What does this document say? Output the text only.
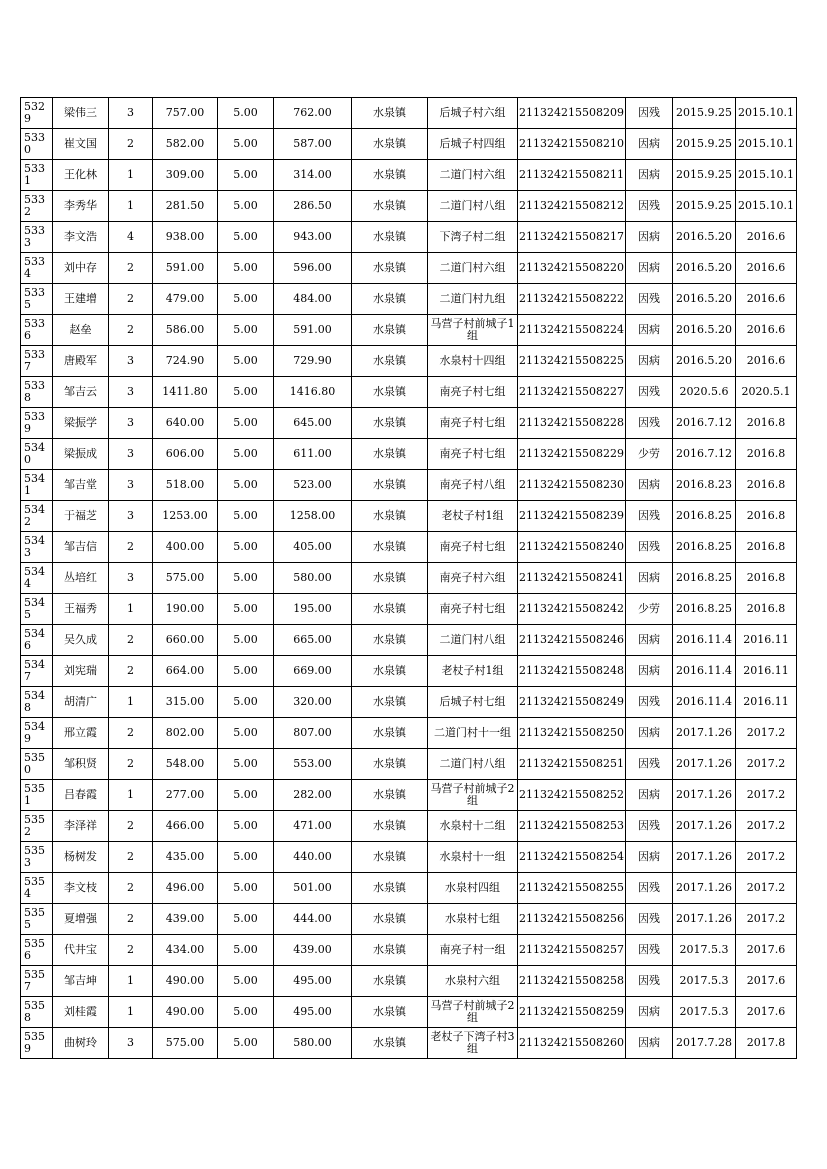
5329	梁伟三	3	757.00	5.00	762.00	水泉镇	后城子村六组	211324215508209	因残	2015.9.25	2015.10.1
5330	崔文国	2	582.00	5.00	587.00	水泉镇	后城子村四组	211324215508210	因病	2015.9.25	2015.10.1
5331	王化林	1	309.00	5.00	314.00	水泉镇	二道门村六组	211324215508211	因病	2015.9.25	2015.10.1
5332	李秀华	1	281.50	5.00	286.50	水泉镇	二道门村八组	211324215508212	因残	2015.9.25	2015.10.1
5333	李文浩	4	938.00	5.00	943.00	水泉镇	下湾子村二组	211324215508217	因病	2016.5.20	2016.6
5334	刘中存	2	591.00	5.00	596.00	水泉镇	二道门村六组	211324215508220	因病	2016.5.20	2016.6
5335	王建增	2	479.00	5.00	484.00	水泉镇	二道门村九组	211324215508222	因残	2016.5.20	2016.6
5336	赵垒	2	586.00	5.00	591.00	水泉镇	马营子村前城子1组	211324215508224	因病	2016.5.20	2016.6
5337	唐殿军	3	724.90	5.00	729.90	水泉镇	水泉村十四组	211324215508225	因病	2016.5.20	2016.6
5338	邹吉云	3	1411.80	5.00	1416.80	水泉镇	南亮子村七组	211324215508227	因残	2020.5.6	2020.5.1
5339	梁振学	3	640.00	5.00	645.00	水泉镇	南亮子村七组	211324215508228	因残	2016.7.12	2016.8
5340	梁振成	3	606.00	5.00	611.00	水泉镇	南亮子村七组	211324215508229	少劳	2016.7.12	2016.8
5341	邹吉堂	3	518.00	5.00	523.00	水泉镇	南亮子村八组	211324215508230	因病	2016.8.23	2016.8
5342	于福芝	3	1253.00	5.00	1258.00	水泉镇	老杖子村1组	211324215508239	因残	2016.8.25	2016.8
5343	邹吉信	2	400.00	5.00	405.00	水泉镇	南亮子村七组	211324215508240	因残	2016.8.25	2016.8
5344	丛培红	3	575.00	5.00	580.00	水泉镇	南亮子村六组	211324215508241	因病	2016.8.25	2016.8
5345	王福秀	1	190.00	5.00	195.00	水泉镇	南亮子村七组	211324215508242	少劳	2016.8.25	2016.8
5346	吴久成	2	660.00	5.00	665.00	水泉镇	二道门村八组	211324215508246	因病	2016.11.4	2016.11
5347	刘宪瑞	2	664.00	5.00	669.00	水泉镇	老杖子村1组	211324215508248	因病	2016.11.4	2016.11
5348	胡清广	1	315.00	5.00	320.00	水泉镇	后城子村七组	211324215508249	因残	2016.11.4	2016.11
5349	邢立霞	2	802.00	5.00	807.00	水泉镇	二道门村十一组	211324215508250	因病	2017.1.26	2017.2
5350	邹积贤	2	548.00	5.00	553.00	水泉镇	二道门村八组	211324215508251	因残	2017.1.26	2017.2
5351	吕春霞	1	277.00	5.00	282.00	水泉镇	马营子村前城子2组	211324215508252	因病	2017.1.26	2017.2
5352	李泽祥	2	466.00	5.00	471.00	水泉镇	水泉村十二组	211324215508253	因残	2017.1.26	2017.2
5353	杨树发	2	435.00	5.00	440.00	水泉镇	水泉村十一组	211324215508254	因病	2017.1.26	2017.2
5354	李文枝	2	496.00	5.00	501.00	水泉镇	水泉村四组	211324215508255	因残	2017.1.26	2017.2
5355	夏增强	2	439.00	5.00	444.00	水泉镇	水泉村七组	211324215508256	因残	2017.1.26	2017.2
5356	代井宝	2	434.00	5.00	439.00	水泉镇	南亮子村一组	211324215508257	因残	2017.5.3	2017.6
5357	邹吉坤	1	490.00	5.00	495.00	水泉镇	水泉村六组	211324215508258	因残	2017.5.3	2017.6
5358	刘桂霞	1	490.00	5.00	495.00	水泉镇	马营子村前城子2组	211324215508259	因病	2017.5.3	2017.6
5359	曲树玲	3	575.00	5.00	580.00	水泉镇	老杖子下湾子村3组	211324215508260	因病	2017.7.28	2017.8
